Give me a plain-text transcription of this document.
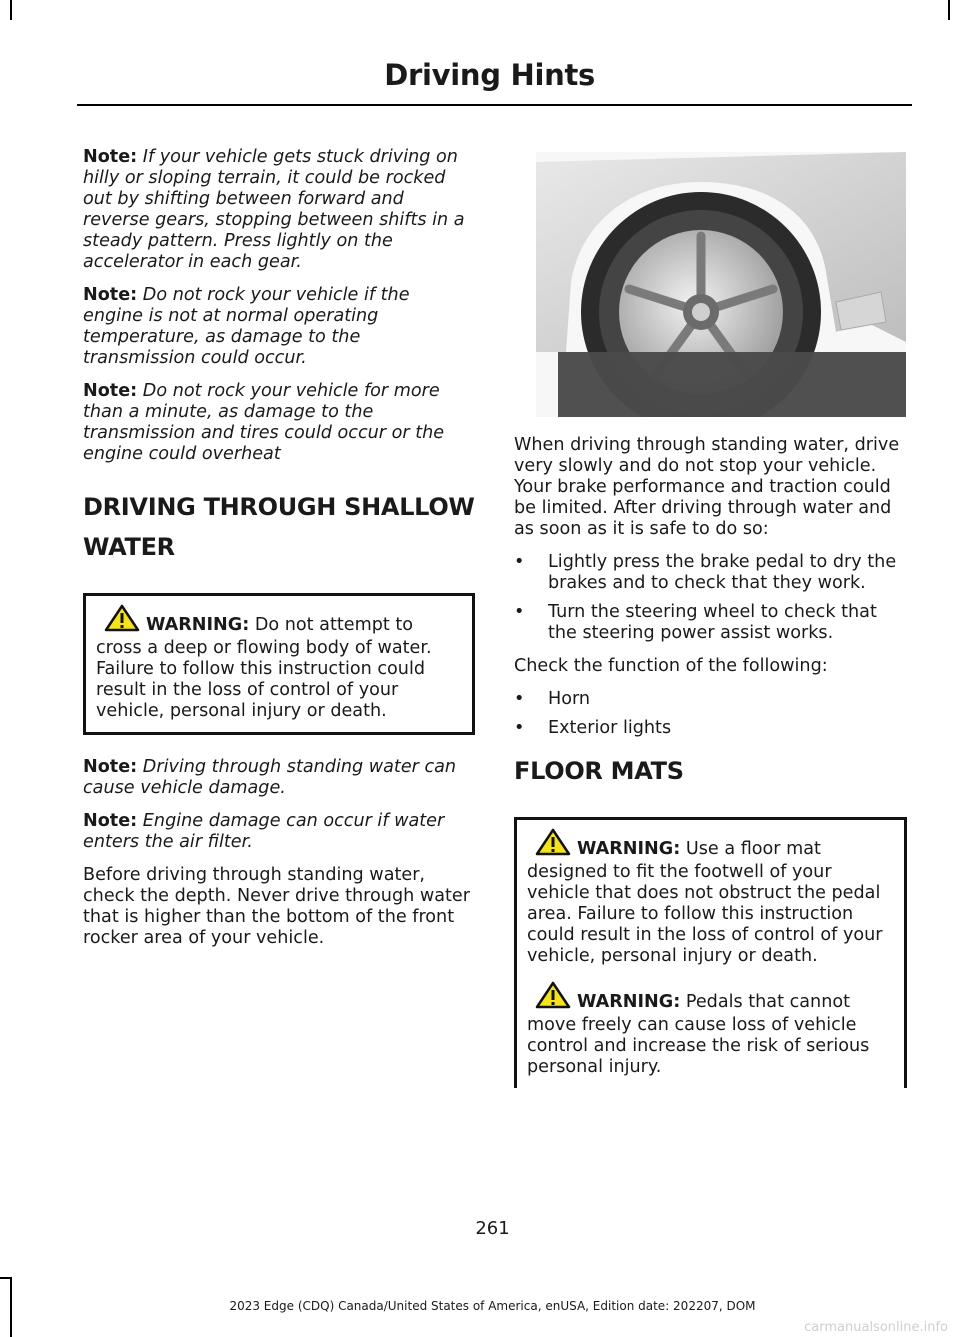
Driving Hints

Note: If your vehicle gets stuck driving on hilly or sloping terrain, it could be rocked out by shifting between forward and reverse gears, stopping between shifts in a steady pattern. Press lightly on the accelerator in each gear.

Note: Do not rock your vehicle if the engine is not at normal operating temperature, as damage to the transmission could occur.

Note: Do not rock your vehicle for more than a minute, as damage to the transmission and tires could occur or the engine could overheat

DRIVING THROUGH SHALLOW WATER
WARNING: Do not attempt to cross a deep or flowing body of water. Failure to follow this instruction could result in the loss of control of your vehicle, personal injury or death.

Note: Driving through standing water can cause vehicle damage.

Note: Engine damage can occur if water enters the air filter.

Before driving through standing water, check the depth. Never drive through water that is higher than the bottom of the front rocker area of your vehicle.

When driving through standing water, drive very slowly and do not stop your vehicle. Your brake performance and traction could be limited. After driving through water and as soon as it is safe to do so:

• Lightly press the brake pedal to dry the brakes and to check that they work.
• Turn the steering wheel to check that the steering power assist works.

Check the function of the following:

• Horn
• Exterior lights
FLOOR MATS
WARNING: Use a floor mat designed to fit the footwell of your vehicle that does not obstruct the pedal area. Failure to follow this instruction could result in the loss of control of your vehicle, personal injury or death.
WARNING: Pedals that cannot move freely can cause loss of vehicle control and increase the risk of serious personal injury.
261
2023 Edge (CDQ) Canada/United States of America, enUSA, Edition date: 202207, DOM
carmanualsonline.info
